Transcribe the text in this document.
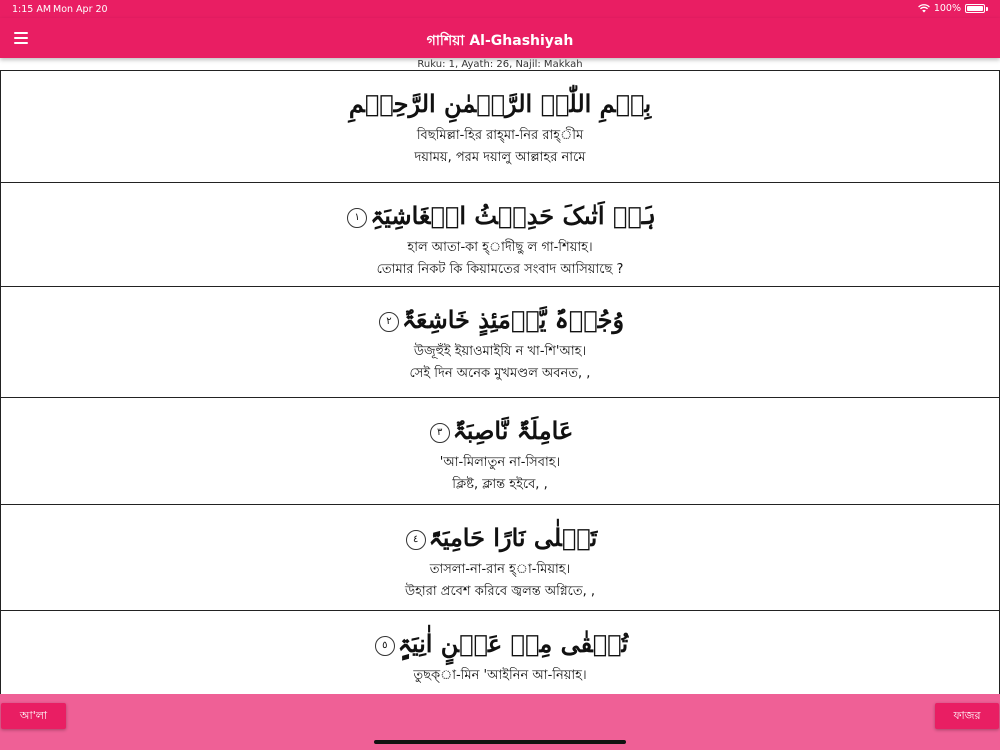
1:15 AM Mon Apr 20	100%
গাশিয়া Al-Ghashiyah
Ruku: 1, Ayath: 26, Najil: Makkah
بِسۡمِ اللّٰہِ الرَّحۡمٰنِ الرَّحِیۡمِ
বিছমিল্লা-হির রাহ্‌মা-নির রাহ্‌ীম
দয়াময়, পরম দয়ালু আল্লাহর নামে
ہَلۡ اَتٰىکَ حَدِیۡثُ الۡغَاشِیَۃِ١
হাল আতা-কা হ্‌াদীছু ল গা-শিয়াহ।
তোমার নিকট কি কিয়ামতের সংবাদ আসিয়াছে ?
وُجُوۡہٌ یَّوۡمَئِذٍ خَاشِعَۃٌ٢
উজূহুঁই ইয়াওমাইযি ন খা-শি'আহ।
সেই দিন অনেক মুখমণ্ডল অবনত, ,
عَامِلَۃٌ نَّاصِبَۃٌ٣
'আ-মিলাতুন না-সিবাহ।
ক্লিষ্ট, ক্লান্ত হইবে, ,
تَصۡلٰی نَارًا حَامِیَۃً٤
তাসলা-না-রান হ্‌া-মিয়াহ।
উহারা প্রবেশ করিবে জ্বলন্ত অগ্নিতে, ,
تُسۡقٰی مِنۡ عَیۡنٍ اٰنِیَۃٍ٥
তুছক্‌া-মিন 'আইনিন আ-নিয়াহ।
আ'লা	ফাজর
